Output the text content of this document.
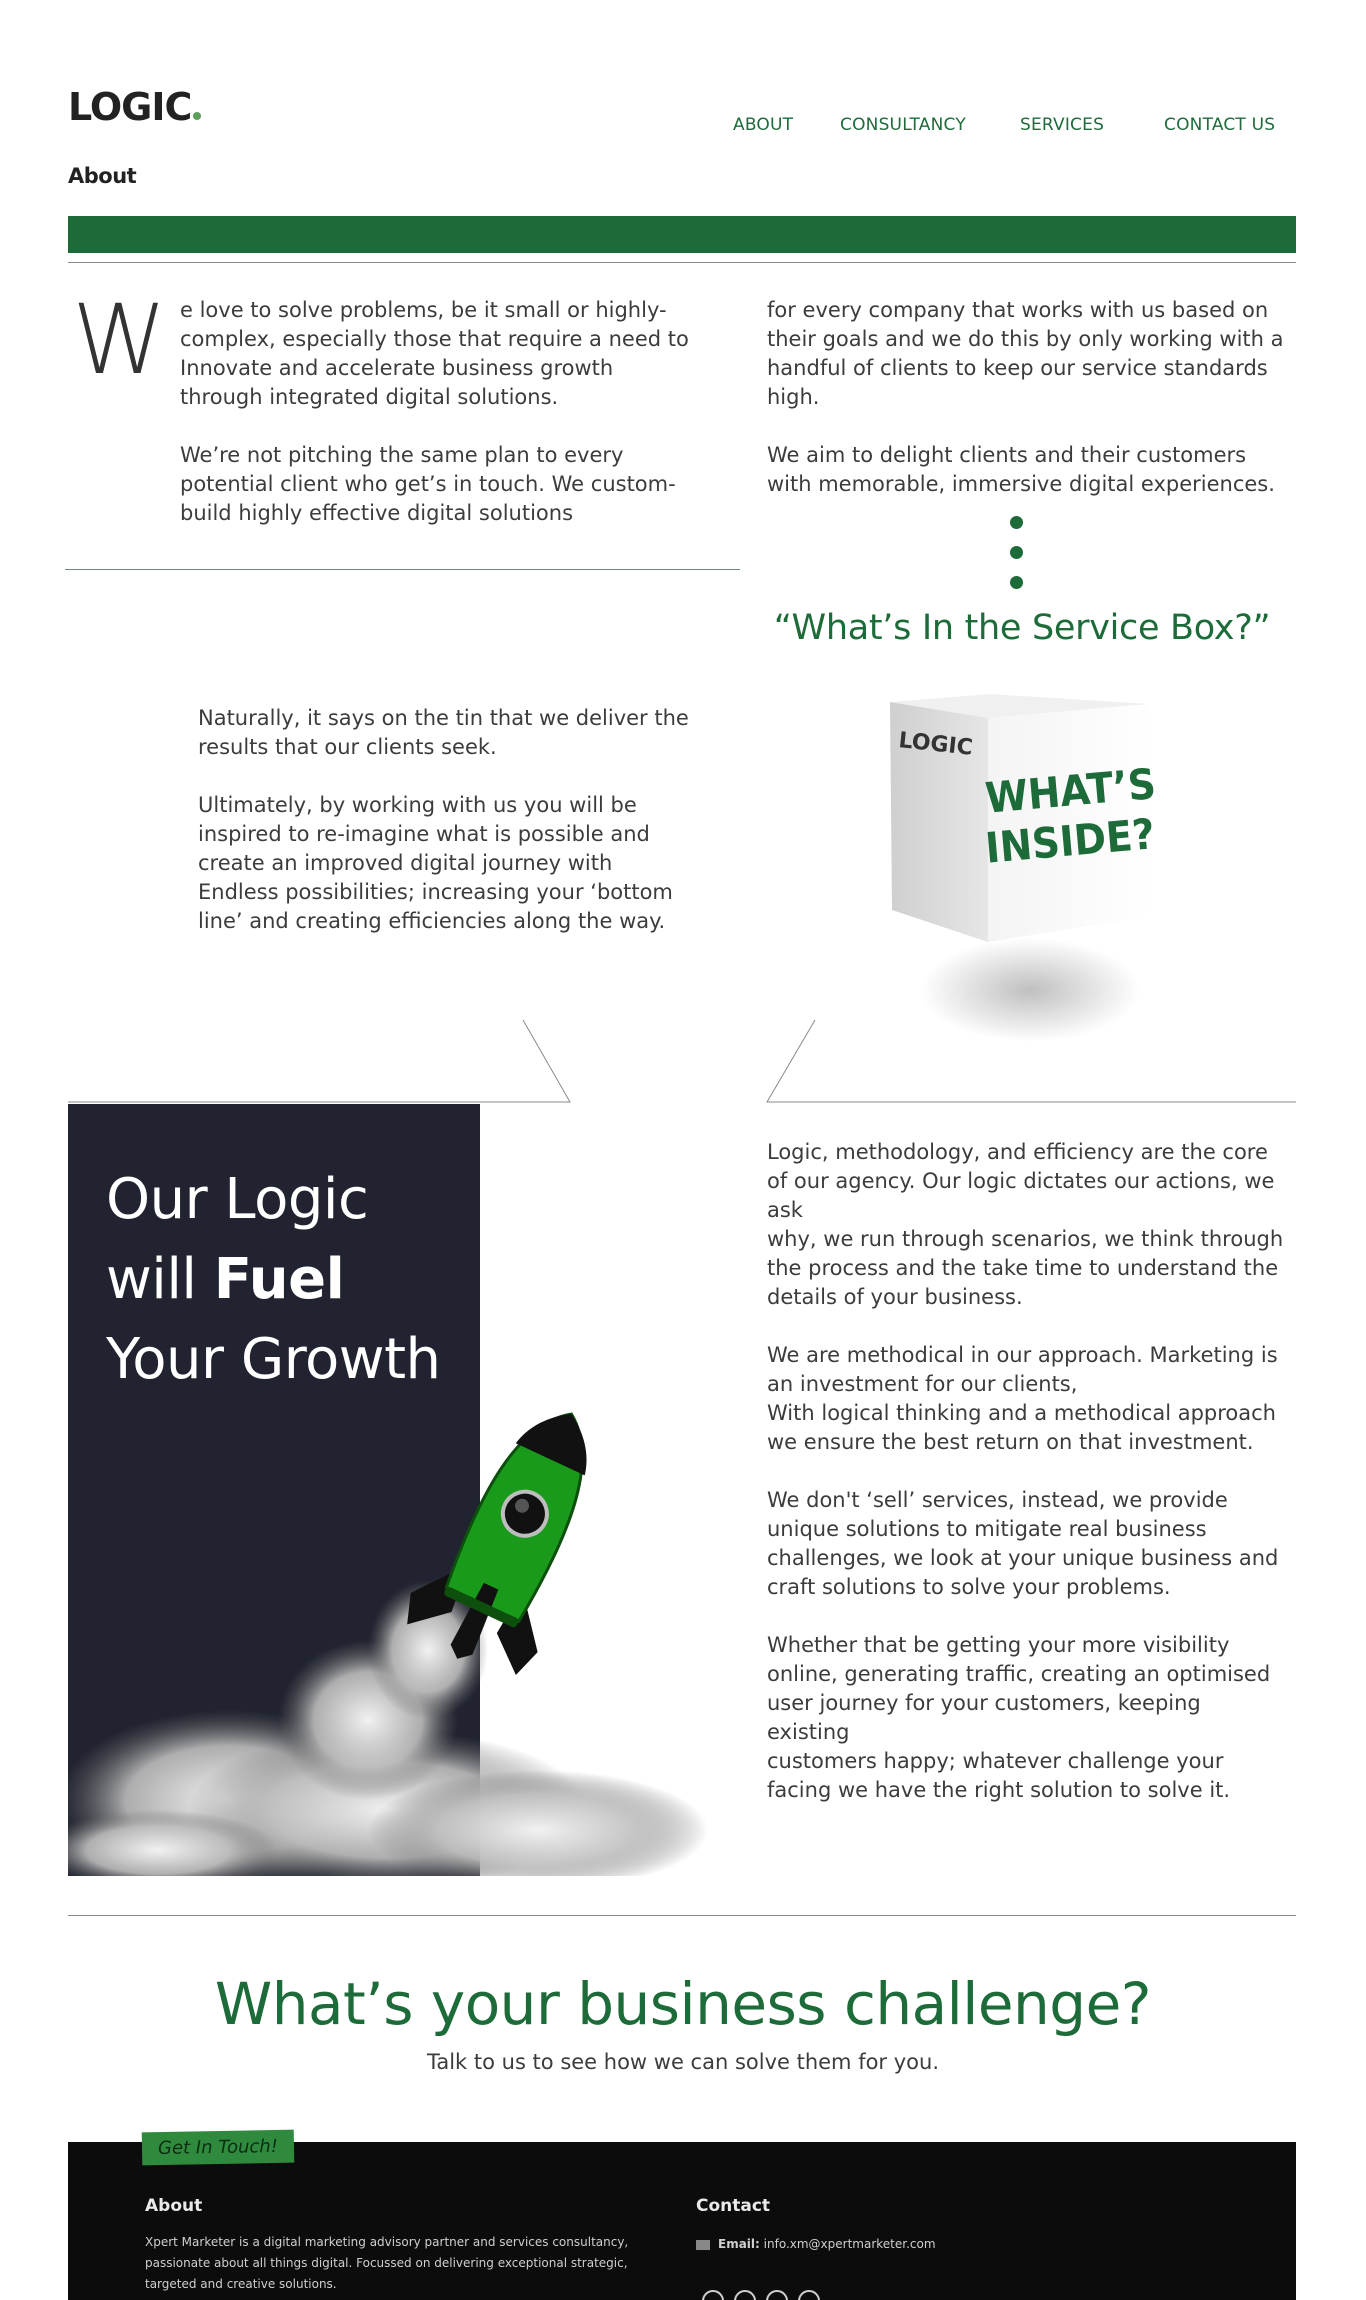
LOGIC	ABOUT	CONSULTANCY	SERVICES	CONTACT US
About
W e love to solve problems, be it small or highly-complex, especially those that require a need to Innovate and accelerate business growth through integrated digital solutions.

We’re not pitching the same plan to every potential client who get’s in touch. We custom-build highly effective digital solutions

for every company that works with us based on their goals and we do this by only working with a handful of clients to keep our service standards high.

We aim to delight clients and their customers with memorable, immersive digital experiences.

“What’s In the Service Box?”

Naturally, it says on the tin that we deliver the results that our clients seek.

Ultimately, by working with us you will be inspired to re-imagine what is possible and create an improved digital journey with Endless possibilities; increasing your ‘bottom line’ and creating efficiencies along the way.

LOGIC
WHAT’S
INSIDE?
Our Logic
will Fuel
Your Growth

Logic, methodology, and efficiency are the core of our agency. Our logic dictates our actions, we ask
why, we run through scenarios, we think through the process and the take time to understand the
details of your business.

We are methodical in our approach. Marketing is an investment for our clients,
With logical thinking and a methodical approach we ensure the best return on that investment.

We don't ‘sell’ services, instead, we provide unique solutions to mitigate real business challenges, we look at your unique business and craft solutions to solve your problems.

Whether that be getting your more visibility online, generating traffic, creating an optimised user journey for your customers, keeping existing
customers happy; whatever challenge your facing we have the right solution to solve it.

What’s your business challenge?
Talk to us to see how we can solve them for you.
Get In Touch!
About
Xpert Marketer is a digital marketing advisory partner and services consultancy, passionate about all things digital. Focussed on delivering exceptional strategic, targeted and creative solutions.
Contact
Email: info.xm@xpertmarketer.com
